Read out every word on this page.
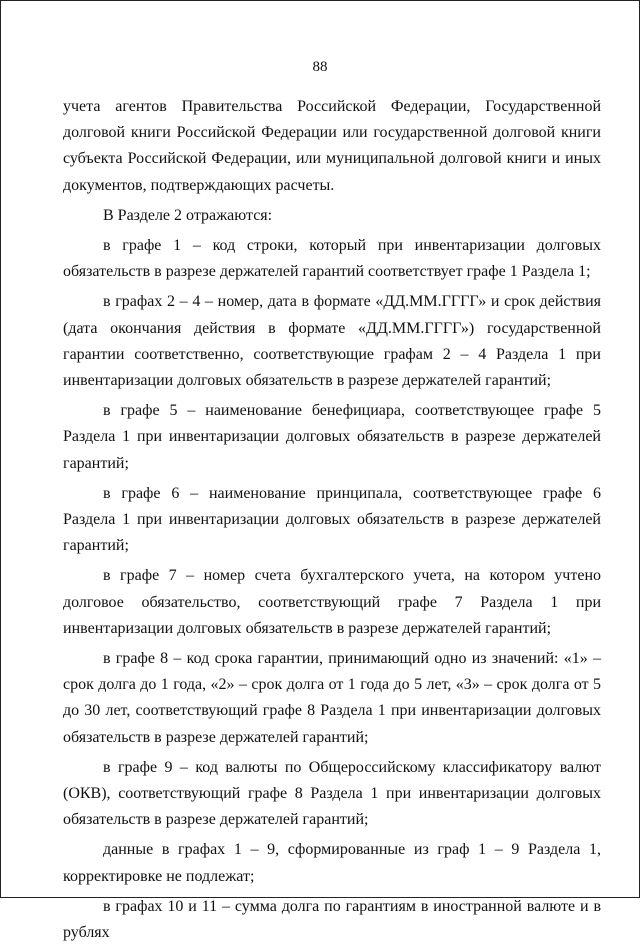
88

учета агентов Правительства Российской Федерации, Государственной долговой книги Российской Федерации или государственной долговой книги субъекта Российской Федерации, или муниципальной долговой книги и иных документов, подтверждающих расчеты.

В Разделе 2 отражаются:

в графе 1 – код строки, который при инвентаризации долговых обязательств в разрезе держателей гарантий соответствует графе 1 Раздела 1;

в графах 2 – 4 – номер, дата в формате «ДД.ММ.ГГГГ» и срок действия (дата окончания действия в формате «ДД.ММ.ГГГГ») государственной гарантии соответственно, соответствующие графам 2 – 4 Раздела 1 при инвентаризации долговых обязательств в разрезе держателей гарантий;

в графе 5 – наименование бенефициара, соответствующее графе 5 Раздела 1 при инвентаризации долговых обязательств в разрезе держателей гарантий;

в графе 6 – наименование принципала, соответствующее графе 6 Раздела 1 при инвентаризации долговых обязательств в разрезе держателей гарантий;

в графе 7 – номер счета бухгалтерского учета, на котором учтено долговое обязательство, соответствующий графе 7 Раздела 1 при инвентаризации долговых обязательств в разрезе держателей гарантий;

в графе 8 – код срока гарантии, принимающий одно из значений: «1» – срок долга до 1 года, «2» – срок долга от 1 года до 5 лет, «3» – срок долга от 5 до 30 лет, соответствующий графе 8 Раздела 1 при инвентаризации долговых обязательств в разрезе держателей гарантий;

в графе 9 – код валюты по Общероссийскому классификатору валют (ОКВ), соответствующий графе 8 Раздела 1 при инвентаризации долговых обязательств в разрезе держателей гарантий;

данные в графах 1 – 9, сформированные из граф 1 – 9 Раздела 1, корректировке не подлежат;

в графах 10 и 11 – сумма долга по гарантиям в иностранной валюте и в рублях
